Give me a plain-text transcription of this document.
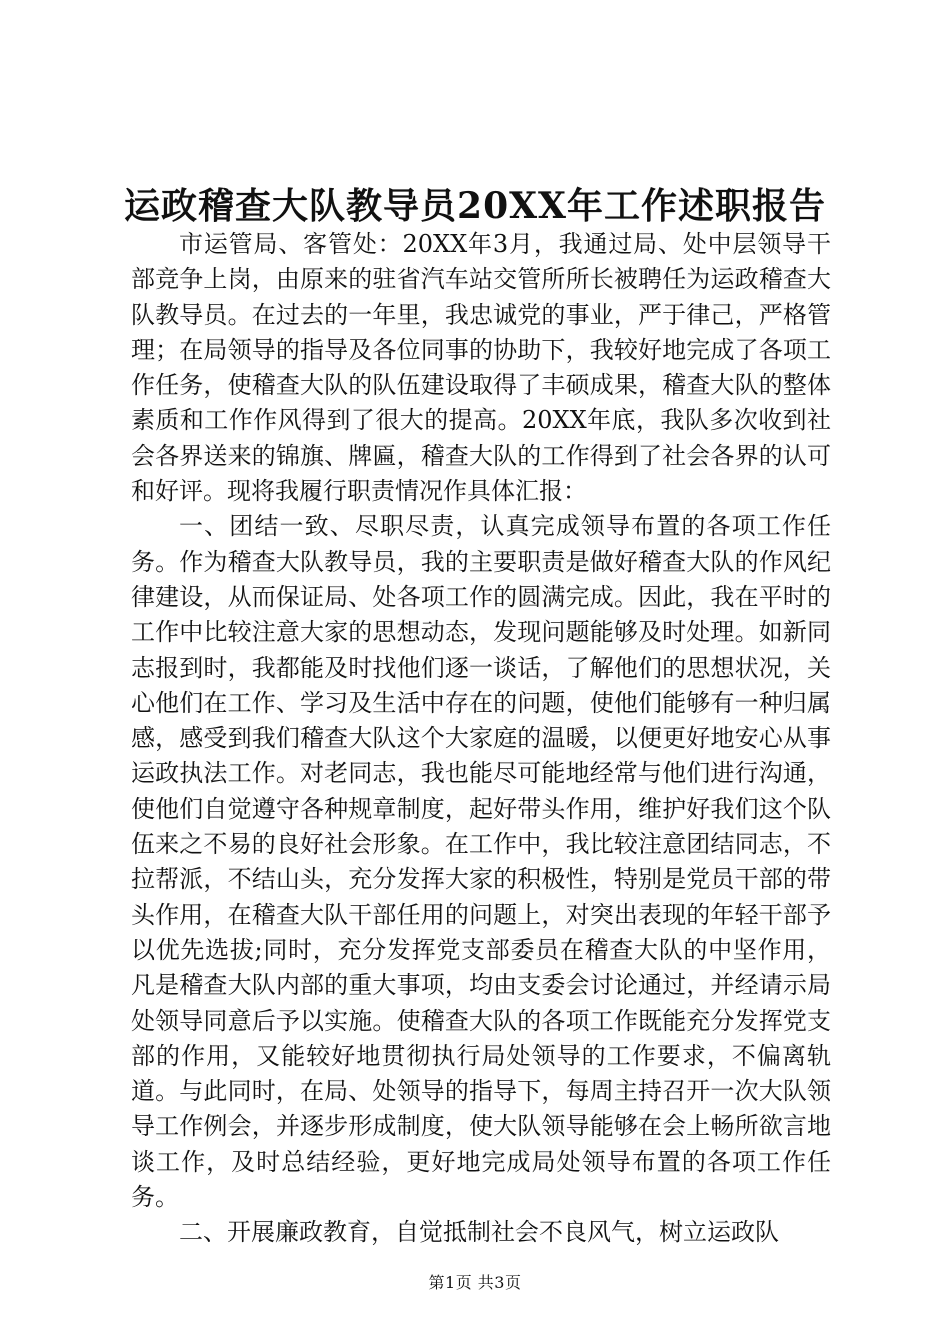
运政稽查大队教导员20XX年工作述职报告

市运管局、客管处：20XX年3月，我通过局、处中层领导干部竞争上岗，由原来的驻省汽车站交管所所长被聘任为运政稽查大队教导员。在过去的一年里，我忠诚党的事业，严于律己，严格管理；在局领导的指导及各位同事的协助下，我较好地完成了各项工作任务，使稽查大队的队伍建设取得了丰硕成果，稽查大队的整体素质和工作作风得到了很大的提高。20XX年底，我队多次收到社会各界送来的锦旗、牌匾，稽查大队的工作得到了社会各界的认可和好评。现将我履行职责情况作具体汇报：

一、团结一致、尽职尽责，认真完成领导布置的各项工作任务。作为稽查大队教导员，我的主要职责是做好稽查大队的作风纪律建设，从而保证局、处各项工作的圆满完成。因此，我在平时的工作中比较注意大家的思想动态，发现问题能够及时处理。如新同志报到时，我都能及时找他们逐一谈话，了解他们的思想状况，关心他们在工作、学习及生活中存在的问题，使他们能够有一种归属感，感受到我们稽查大队这个大家庭的温暖，以便更好地安心从事运政执法工作。对老同志，我也能尽可能地经常与他们进行沟通，使他们自觉遵守各种规章制度，起好带头作用，维护好我们这个队伍来之不易的良好社会形象。在工作中，我比较注意团结同志，不拉帮派，不结山头，充分发挥大家的积极性，特别是党员干部的带头作用，在稽查大队干部任用的问题上，对突出表现的年轻干部予以优先选拔;同时，充分发挥党支部委员在稽查大队的中坚作用，凡是稽查大队内部的重大事项，均由支委会讨论通过，并经请示局处领导同意后予以实施。使稽查大队的各项工作既能充分发挥党支部的作用，又能较好地贯彻执行局处领导的工作要求，不偏离轨道。与此同时，在局、处领导的指导下，每周主持召开一次大队领导工作例会，并逐步形成制度，使大队领导能够在会上畅所欲言地谈工作，及时总结经验，更好地完成局处领导布置的各项工作任务。

二、开展廉政教育，自觉抵制社会不良风气，树立运政队

第1页 共3页
